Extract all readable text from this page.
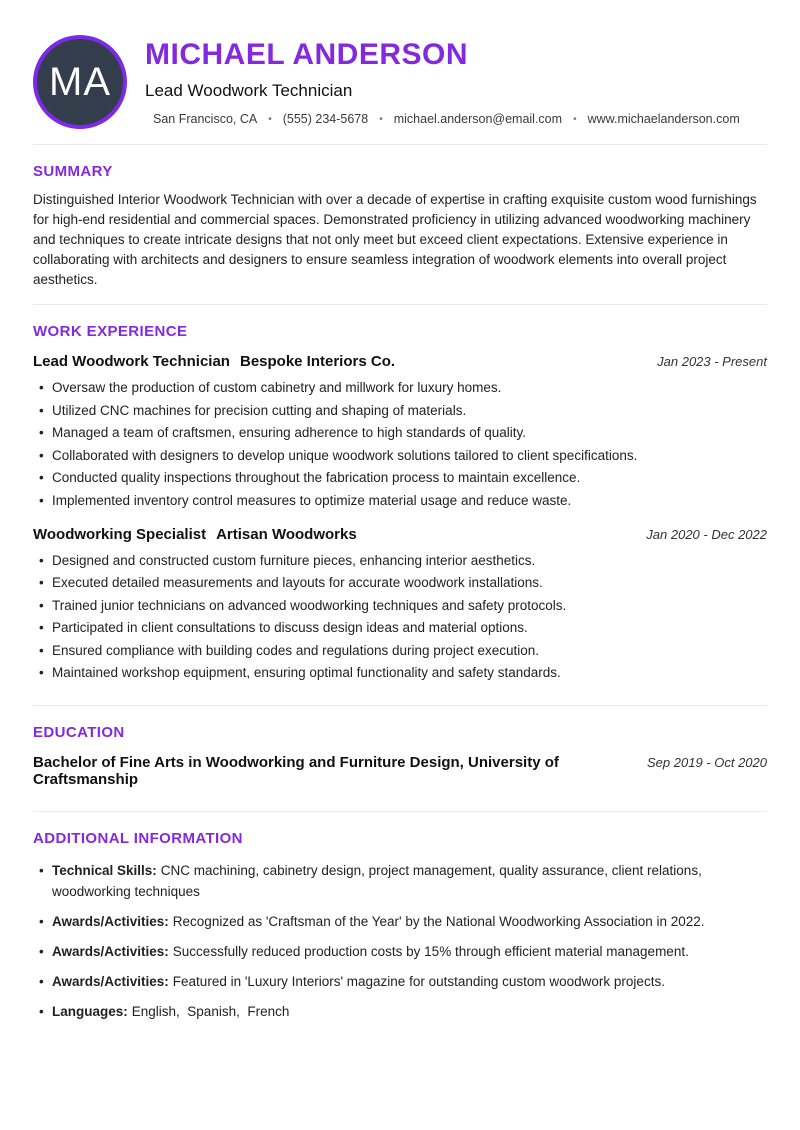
MA
MICHAEL ANDERSON
Lead Woodwork Technician
San Francisco, CA • (555) 234-5678 • michael.anderson@email.com • www.michaelanderson.com
SUMMARY

Distinguished Interior Woodwork Technician with over a decade of expertise in crafting exquisite custom wood furnishings for high-end residential and commercial spaces. Demonstrated proficiency in utilizing advanced woodworking machinery and techniques to create intricate designs that not only meet but exceed client expectations. Extensive experience in collaborating with architects and designers to ensure seamless integration of woodwork elements into overall project aesthetics.

WORK EXPERIENCE
Lead Woodwork Technician Bespoke Interiors Co.	Jan 2023 - Present
• Oversaw the production of custom cabinetry and millwork for luxury homes.
• Utilized CNC machines for precision cutting and shaping of materials.
• Managed a team of craftsmen, ensuring adherence to high standards of quality.
• Collaborated with designers to develop unique woodwork solutions tailored to client specifications.
• Conducted quality inspections throughout the fabrication process to maintain excellence.
• Implemented inventory control measures to optimize material usage and reduce waste.
Woodworking Specialist Artisan Woodworks	Jan 2020 - Dec 2022
• Designed and constructed custom furniture pieces, enhancing interior aesthetics.
• Executed detailed measurements and layouts for accurate woodwork installations.
• Trained junior technicians on advanced woodworking techniques and safety protocols.
• Participated in client consultations to discuss design ideas and material options.
• Ensured compliance with building codes and regulations during project execution.
• Maintained workshop equipment, ensuring optimal functionality and safety standards.
EDUCATION
Bachelor of Fine Arts in Woodworking and Furniture Design, University of Craftsmanship
Sep 2019 - Oct 2020
ADDITIONAL INFORMATION
• Technical Skills: CNC machining, cabinetry design, project management, quality assurance, client relations, woodworking techniques
• Awards/Activities: Recognized as 'Craftsman of the Year' by the National Woodworking Association in 2022.
• Awards/Activities: Successfully reduced production costs by 15% through efficient material management.
• Awards/Activities: Featured in 'Luxury Interiors' magazine for outstanding custom woodwork projects.
• Languages: English,  Spanish,  French
